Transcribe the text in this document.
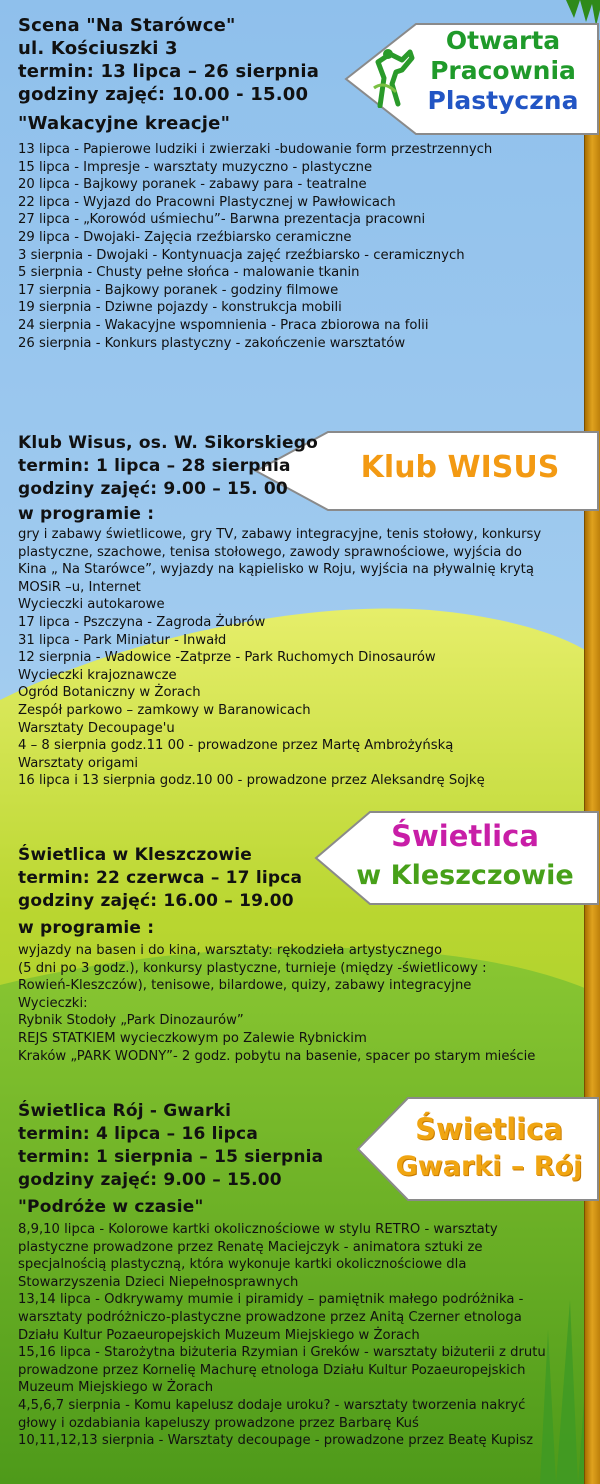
Otwarta
Pracownia
Plastyczna
Klub WISUS
Świetlica
w Kleszczowie
Świetlica
Gwarki – Rój

Scena "Na Starówce"

ul. Kościuszki 3

termin: 13 lipca – 26 sierpnia

godziny zajęć: 10.00 - 15.00

"Wakacyjne kreacje"

13 lipca - Papierowe ludziki i zwierzaki -budowanie form przestrzennych

15 lipca - Impresje - warsztaty muzyczno - plastyczne

20 lipca - Bajkowy poranek - zabawy para - teatralne

22 lipca - Wyjazd do Pracowni Plastycznej w Pawłowicach

27 lipca - „Korowód uśmiechu”- Barwna prezentacja pracowni

29 lipca - Dwojaki- Zajęcia rzeźbiarsko ceramiczne

3 sierpnia - Dwojaki - Kontynuacja zajęć rzeźbiarsko - ceramicznych

5 sierpnia - Chusty pełne słońca - malowanie tkanin

17 sierpnia - Bajkowy poranek - godziny filmowe

19 sierpnia - Dziwne pojazdy - konstrukcja mobili

24 sierpnia - Wakacyjne wspomnienia - Praca zbiorowa na folii

26 sierpnia - Konkurs plastyczny - zakończenie warsztatów

Klub Wisus, os. W. Sikorskiego

termin: 1 lipca – 28 sierpnia

godziny zajęć: 9.00 – 15. 00

w programie :

gry i zabawy świetlicowe, gry TV, zabawy integracyjne, tenis stołowy, konkursy

plastyczne, szachowe, tenisa stołowego, zawody sprawnościowe, wyjścia do

Kina „ Na Starówce”, wyjazdy na kąpielisko w Roju, wyjścia na pływalnię krytą

MOSiR –u, Internet

Wycieczki autokarowe

17 lipca - Pszczyna - Zagroda Żubrów

31 lipca - Park Miniatur - Inwałd

12 sierpnia - Wadowice -Zatprze - Park Ruchomych Dinosaurów

Wycieczki krajoznawcze

Ogród Botaniczny w Żorach

Zespół parkowo – zamkowy w Baranowicach

Warsztaty Decoupage'u

4 – 8 sierpnia godz.11 00 - prowadzone przez Martę Ambrożyńską

Warsztaty origami

16 lipca i 13 sierpnia godz.10 00 - prowadzone przez Aleksandrę Sojkę

Świetlica w Kleszczowie

termin: 22 czerwca – 17 lipca

godziny zajęć: 16.00 – 19.00

w programie :

wyjazdy na basen i do kina, warsztaty: rękodzieła artystycznego

(5 dni po 3 godz.), konkursy plastyczne, turnieje (między -świetlicowy :

Rowień-Kleszczów), tenisowe, bilardowe, quizy, zabawy integracyjne

Wycieczki:

Rybnik Stodoły „Park Dinozaurów”

REJS STATKIEM wycieczkowym po Zalewie Rybnickim

Kraków „PARK WODNY”- 2 godz. pobytu na basenie, spacer po starym mieście

Świetlica Rój - Gwarki

termin: 4 lipca – 16 lipca

termin: 1 sierpnia – 15 sierpnia

godziny zajęć: 9.00 – 15.00

"Podróże w czasie"

8,9,10 lipca - Kolorowe kartki okolicznościowe w stylu RETRO - warsztaty

plastyczne prowadzone przez Renatę Maciejczyk - animatora sztuki ze

specjalnością plastyczną, która wykonuje kartki okolicznościowe dla

Stowarzyszenia Dzieci Niepełnosprawnych

13,14 lipca - Odkrywamy mumie i piramidy – pamiętnik małego podróżnika -

warsztaty podróżniczo-plastyczne prowadzone przez Anitą Czerner etnologa

Działu Kultur Pozaeuropejskich Muzeum Miejskiego w Żorach

15,16 lipca - Starożytna biżuteria Rzymian i Greków - warsztaty biżuterii z drutu

prowadzone przez Kornelię Machurę etnologa Działu Kultur Pozaeuropejskich

Muzeum Miejskiego w Żorach

4,5,6,7 sierpnia - Komu kapelusz dodaje uroku? - warsztaty tworzenia nakryć

głowy i ozdabiania kapeluszy prowadzone przez Barbarę Kuś

10,11,12,13 sierpnia - Warsztaty decoupage - prowadzone przez Beatę Kupisz
